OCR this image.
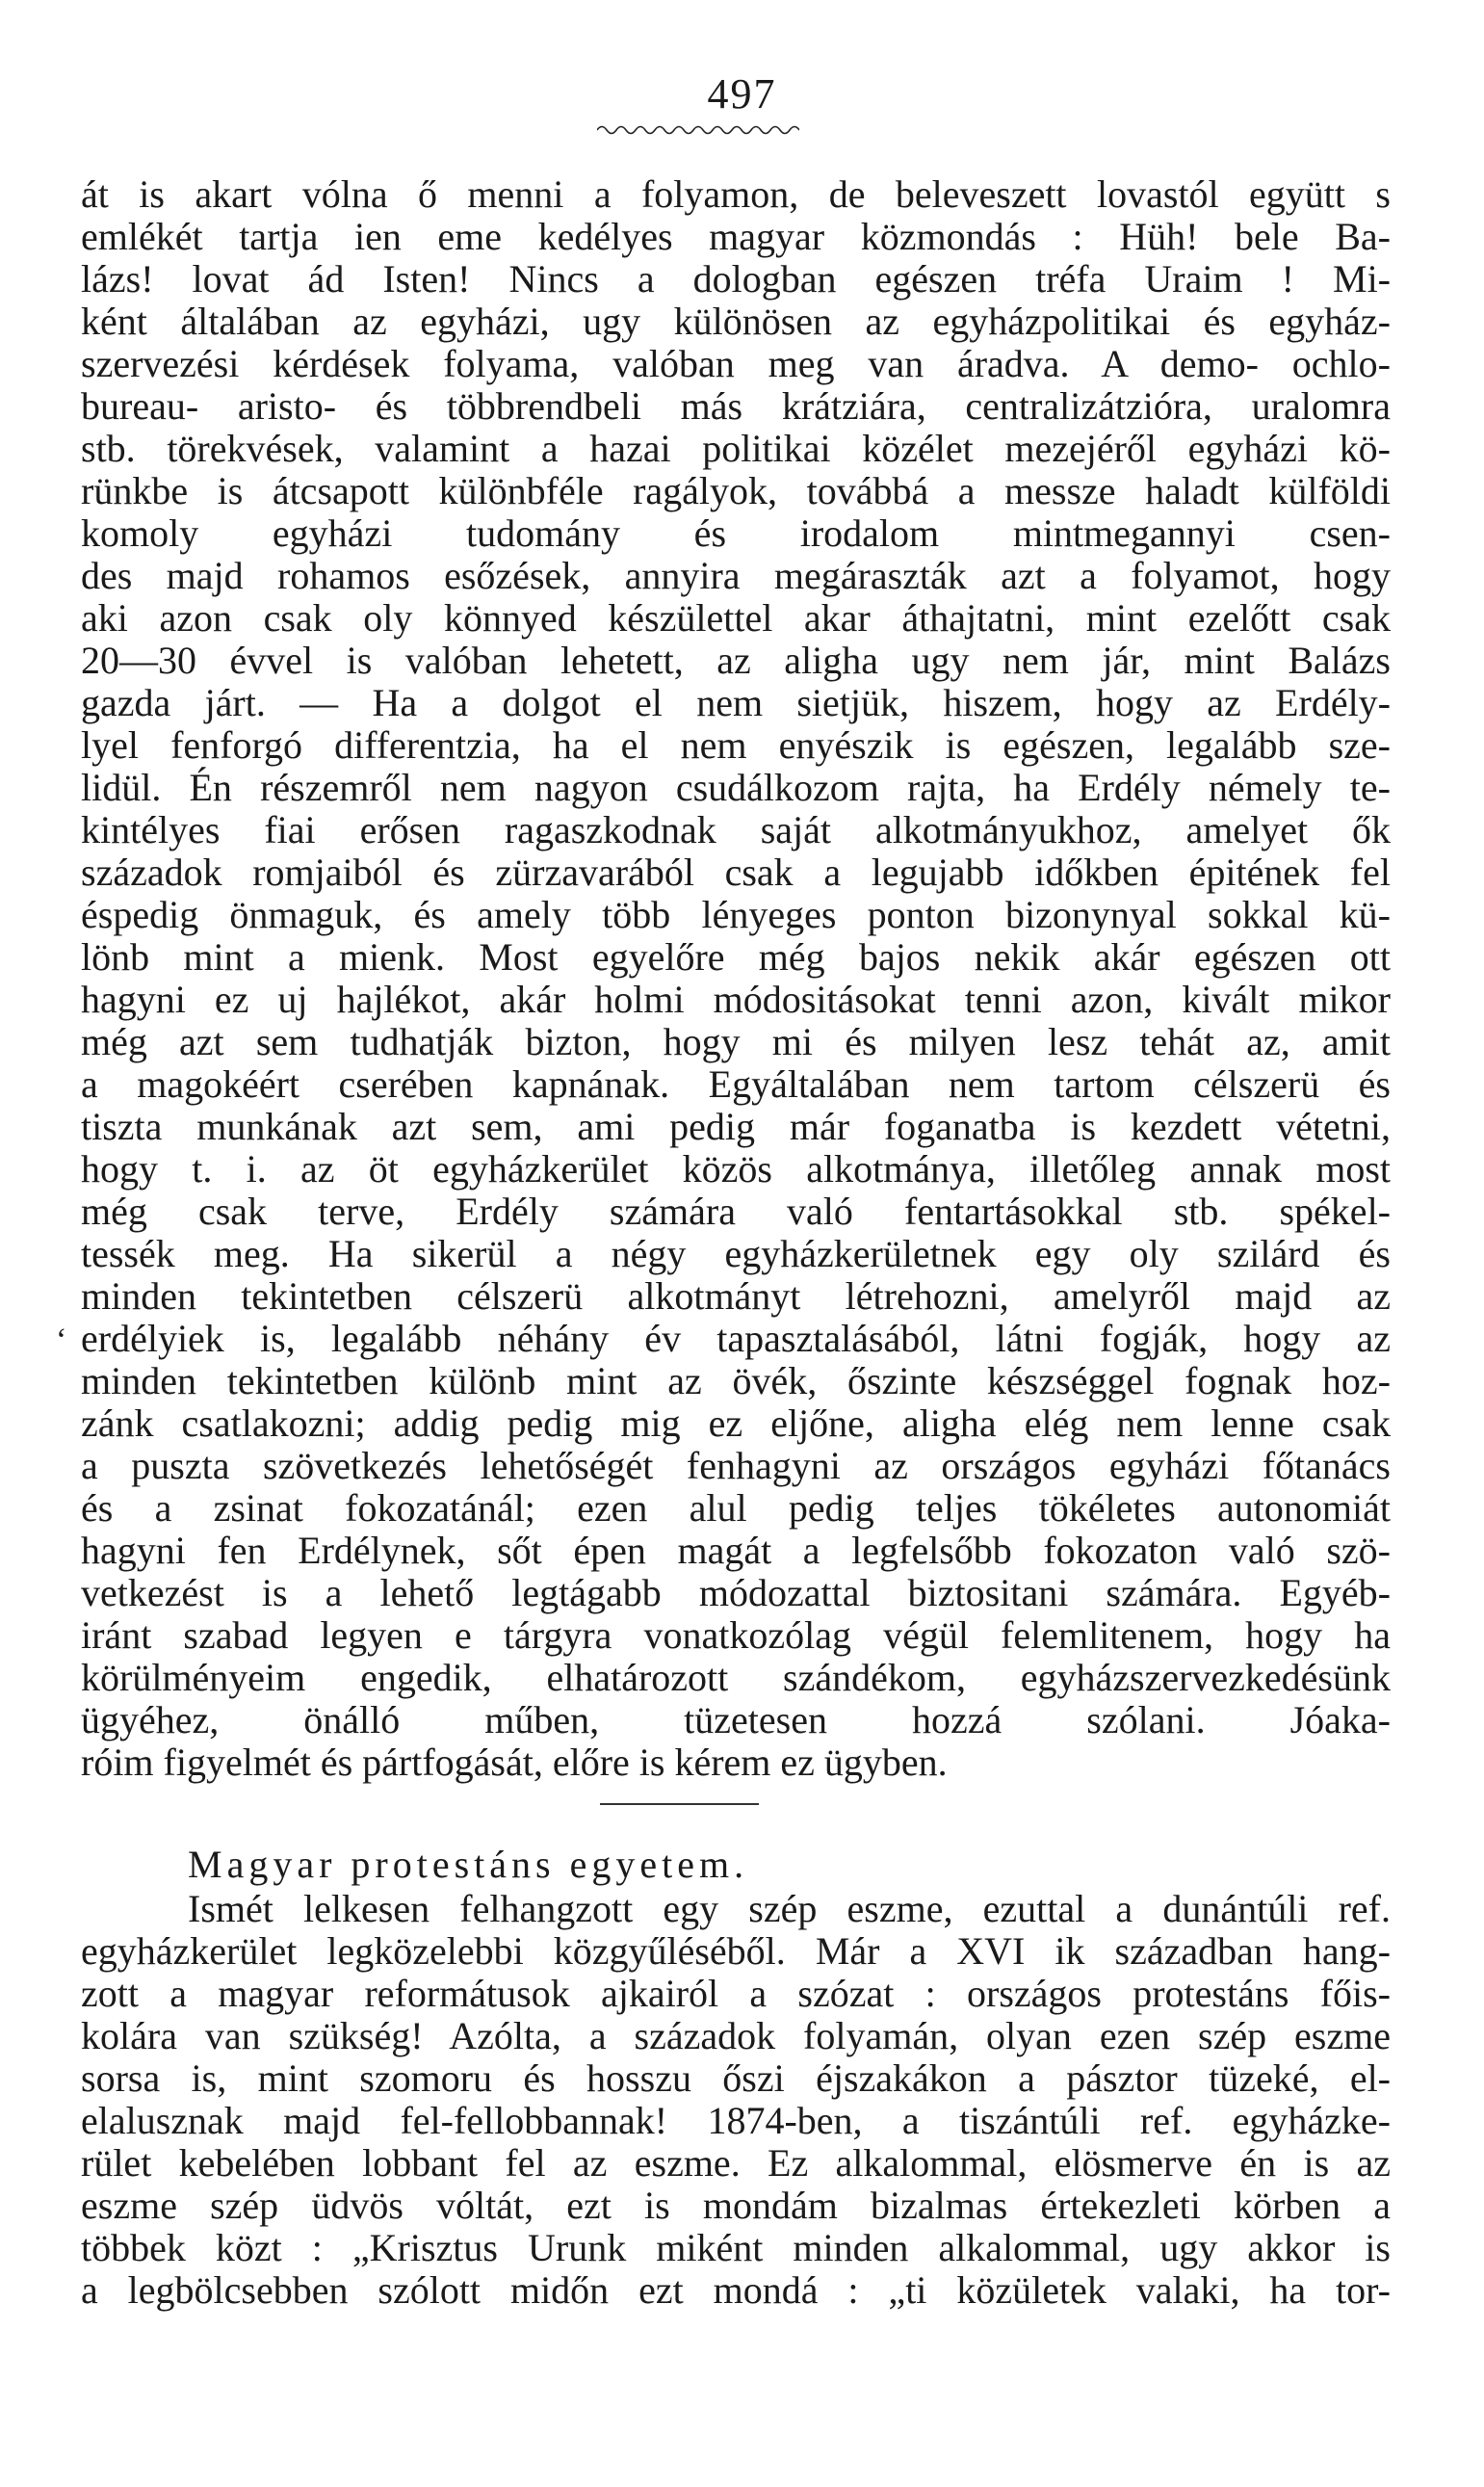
497
‘
át is akart vólna ő menni a folyamon, de beleveszett lovastól együtt s
emlékét tartja ien eme kedélyes magyar közmondás : Hüh! bele Ba-
lázs! lovat ád Isten! Nincs a dologban egészen tréfa Uraim ! Mi-
ként általában az egyházi, ugy különösen az egyházpolitikai és egyház-
szervezési kérdések folyama, valóban meg van áradva. A demo- ochlo-
bureau- aristo- és többrendbeli más krátziára, centralizátzióra, uralomra
stb. törekvések, valamint a hazai politikai közélet mezejéről egyházi kö-
rünkbe is átcsapott különbféle ragályok, továbbá a messze haladt külföldi
komoly egyházi tudomány és irodalom mintmegannyi csen-
des majd rohamos esőzések, annyira megáraszták azt a folyamot, hogy
aki azon csak oly könnyed készülettel akar áthajtatni, mint ezelőtt csak
20—30 évvel is valóban lehetett, az aligha ugy nem jár, mint Balázs
gazda járt. — Ha a dolgot el nem sietjük, hiszem, hogy az Erdély-
lyel fenforgó differentzia, ha el nem enyészik is egészen, legalább sze-
lidül. Én részemről nem nagyon csudálkozom rajta, ha Erdély némely te-
kintélyes fiai erősen ragaszkodnak saját alkotmányukhoz, amelyet ők
századok romjaiból és zürzavarából csak a legujabb időkben épitének fel
éspedig önmaguk, és amely több lényeges ponton bizonynyal sokkal kü-
lönb mint a mienk. Most egyelőre még bajos nekik akár egészen ott
hagyni ez uj hajlékot, akár holmi módositásokat tenni azon, kivált mikor
még azt sem tudhatják bizton, hogy mi és milyen lesz tehát az, amit
a magokéért cserében kapnának. Egyáltalában nem tartom célszerü és
tiszta munkának azt sem, ami pedig már foganatba is kezdett vétetni,
hogy t. i. az öt egyházkerület közös alkotmánya, illetőleg annak most
még csak terve, Erdély számára való fentartásokkal stb. spékel-
tessék meg. Ha sikerül a négy egyházkerületnek egy oly szilárd és
minden tekintetben célszerü alkotmányt létrehozni, amelyről majd az
erdélyiek is, legalább néhány év tapasztalásából, látni fogják, hogy az
minden tekintetben különb mint az övék, őszinte készséggel fognak hoz-
zánk csatlakozni; addig pedig mig ez eljőne, aligha elég nem lenne csak
a puszta szövetkezés lehetőségét fenhagyni az országos egyházi főtanács
és a zsinat fokozatánál; ezen alul pedig teljes tökéletes autonomiát
hagyni fen Erdélynek, sőt épen magát a legfelsőbb fokozaton való szö-
vetkezést is a lehető legtágabb módozattal biztositani számára. Egyéb-
iránt szabad legyen e tárgyra vonatkozólag végül felemlitenem, hogy ha
körülményeim engedik, elhatározott szándékom, egyházszervezkedésünk
ügyéhez, önálló műben, tüzetesen hozzá szólani. Jóaka-
róim figyelmét és pártfogását, előre is kérem ez ügyben.
Magyar protestáns egyetem.
Ismét lelkesen felhangzott egy szép eszme, ezuttal a dunántúli ref.
egyházkerület legközelebbi közgyűléséből. Már a XVI ik században hang-
zott a magyar reformátusok ajkairól a szózat : országos protestáns főis-
kolára van szükség! Azólta, a századok folyamán, olyan ezen szép eszme
sorsa is, mint szomoru és hosszu őszi éjszakákon a pásztor tüzeké, el-
elalusznak majd fel-fellobbannak! 1874-ben, a tiszántúli ref. egyházke-
rület kebelében lobbant fel az eszme. Ez alkalommal, elösmerve én is az
eszme szép üdvös vóltát, ezt is mondám bizalmas értekezleti körben a
többek közt : „Krisztus Urunk miként minden alkalommal, ugy akkor is
a legbölcsebben szólott midőn ezt mondá : „ti közületek valaki, ha tor-
